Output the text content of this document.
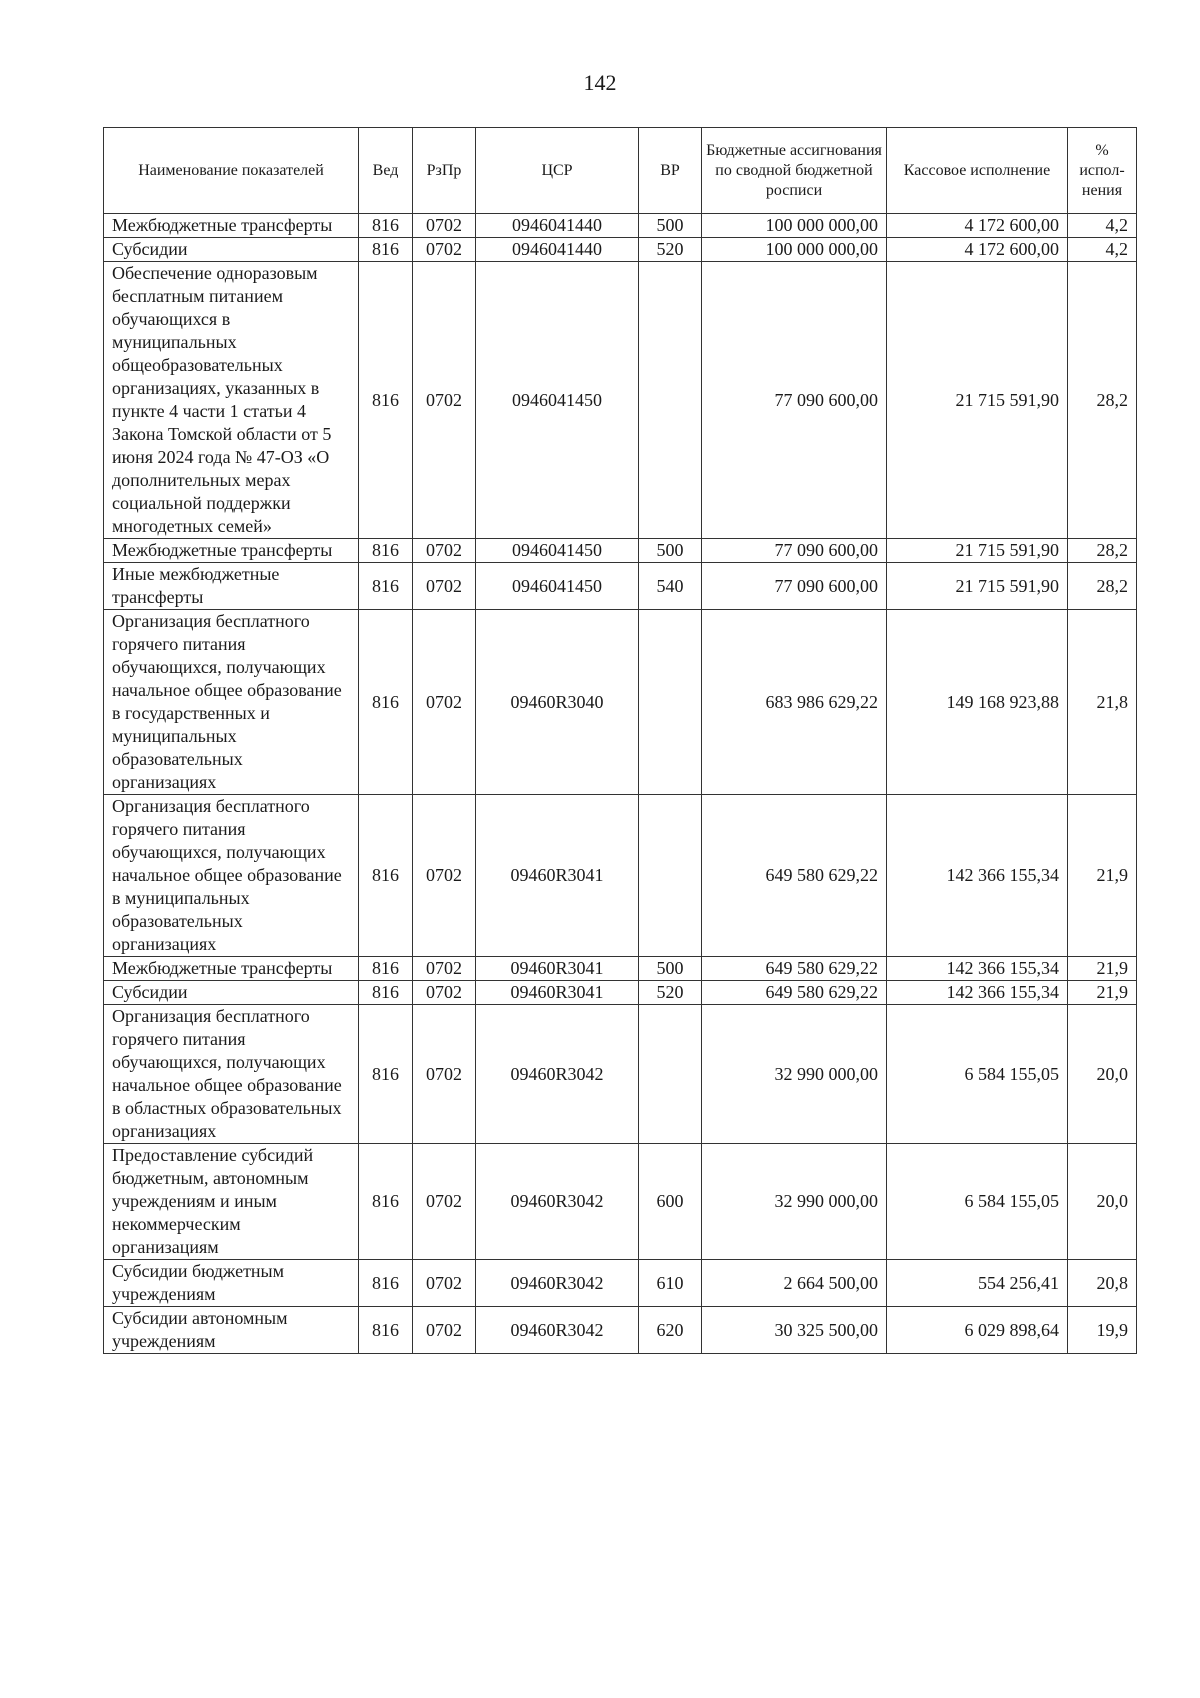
142
Наименование показателей	Вед	РзПр	ЦСР	ВР	Бюджетные ассигнования по сводной бюджетной росписи	Кассовое исполнение	% испол-нения
Межбюджетные трансферты	816	0702	0946041440	500	100 000 000,00	4 172 600,00	4,2
Субсидии	816	0702	0946041440	520	100 000 000,00	4 172 600,00	4,2
Обеспечение одноразовым бесплатным питанием обучающихся в муниципальных общеобразовательных организациях, указанных в пункте 4 части 1 статьи 4 Закона Томской области от 5 июня 2024 года № 47-ОЗ «О дополнительных мерах социальной поддержки многодетных семей»	816	0702	0946041450		77 090 600,00	21 715 591,90	28,2
Межбюджетные трансферты	816	0702	0946041450	500	77 090 600,00	21 715 591,90	28,2
Иные межбюджетные трансферты	816	0702	0946041450	540	77 090 600,00	21 715 591,90	28,2
Организация бесплатного горячего питания обучающихся, получающих начальное общее образование в государственных и муниципальных образовательных организациях	816	0702	09460R3040		683 986 629,22	149 168 923,88	21,8
Организация бесплатного горячего питания обучающихся, получающих начальное общее образование в муниципальных образовательных организациях	816	0702	09460R3041		649 580 629,22	142 366 155,34	21,9
Межбюджетные трансферты	816	0702	09460R3041	500	649 580 629,22	142 366 155,34	21,9
Субсидии	816	0702	09460R3041	520	649 580 629,22	142 366 155,34	21,9
Организация бесплатного горячего питания обучающихся, получающих начальное общее образование в областных образовательных организациях	816	0702	09460R3042		32 990 000,00	6 584 155,05	20,0
Предоставление субсидий бюджетным, автономным учреждениям и иным некоммерческим организациям	816	0702	09460R3042	600	32 990 000,00	6 584 155,05	20,0
Субсидии бюджетным учреждениям	816	0702	09460R3042	610	2 664 500,00	554 256,41	20,8
Субсидии автономным учреждениям	816	0702	09460R3042	620	30 325 500,00	6 029 898,64	19,9
